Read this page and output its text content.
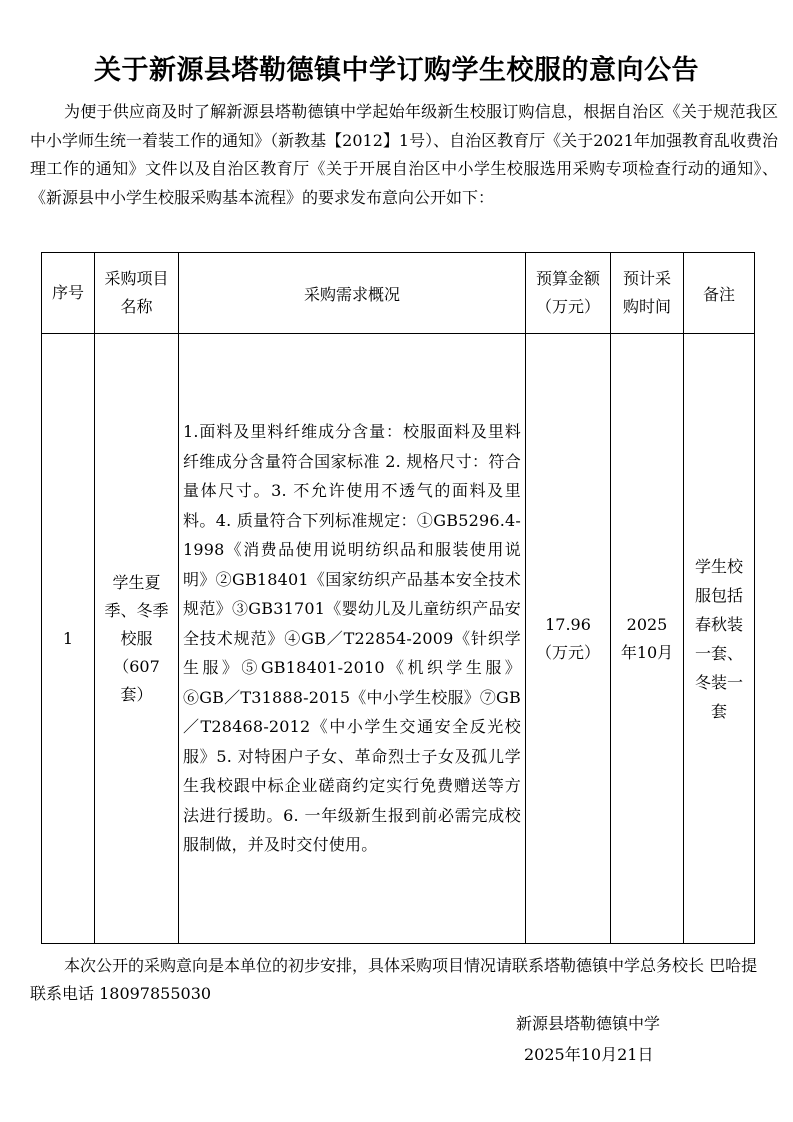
关于新源县塔勒德镇中学订购学生校服的意向公告
为便于供应商及时了解新源县塔勒德镇中学起始年级新生校服订购信息，根据自治区《关于规范我区中小学师生统一着装工作的通知》（新教基【2012】1号）、自治区教育厅《关于2021年加强教育乱收费治理工作的通知》文件以及自治区教育厅《关于开展自治区中小学生校服选用采购专项检查行动的通知》、《新源县中小学生校服采购基本流程》的要求发布意向公开如下：
序号	采购项目名称	采购需求概况	预算金额（万元）	预计采购时间	备注

1	学生夏季、冬季校服（607套）	1.面料及里料纤维成分含量：校服面料及里料纤维成分含量符合国家标准 2. 规格尺寸：符合量体尺寸。3. 不允许使用不透气的面料及里料。4. 质量符合下列标准规定：①GB5296.4-1998《消费品使用说明纺织品和服装使用说明》②GB18401《国家纺织产品基本安全技术规范》③GB31701《婴幼儿及儿童纺织产品安全技术规范》④GB／T22854-2009《针织学生服》⑤GB18401-2010《机织学生服》⑥GB／T31888-2015《中小学生校服》⑦GB／T28468-2012《中小学生交通安全反光校服》5. 对特困户子女、革命烈士子女及孤儿学生我校跟中标企业磋商约定实行免费赠送等方法进行援助。6. 一年级新生报到前必需完成校服制做，并及时交付使用。	17.96（万元）	2025年10月	学生校服包括春秋装一套、冬装一套
本次公开的采购意向是本单位的初步安排，具体采购项目情况请联系塔勒德镇中学总务校长 巴哈提 联系电话 18097855030
新源县塔勒德镇中学
2025年10月21日
